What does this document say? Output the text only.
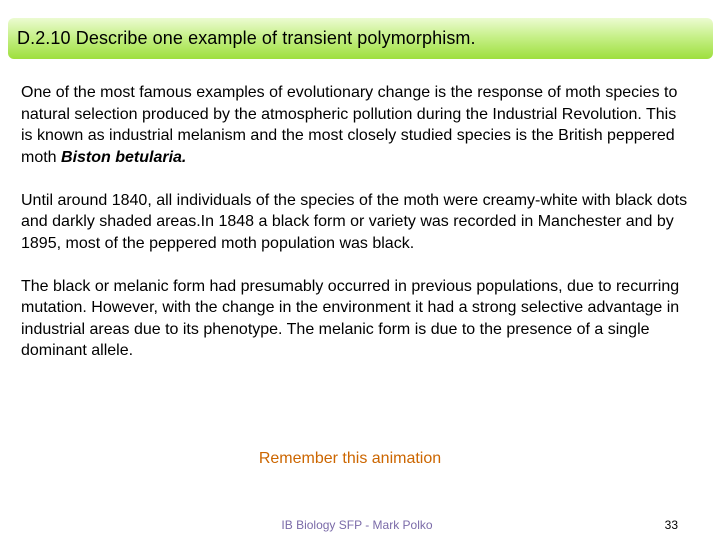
D.2.10 Describe one example of transient polymorphism.

One of the most famous examples of evolutionary change is the response of moth species to natural selection produced by the atmospheric pollution during the Industrial Revolution. This is known as industrial melanism and the most closely studied species is the British peppered moth Biston betularia.

Until around 1840, all individuals of the species of the moth were creamy-white with black dots and darkly shaded areas.In 1848 a black form or variety was recorded in Manchester and by 1895, most of the peppered moth population was black.

The black or melanic form had presumably occurred in previous populations, due to recurring mutation. However, with the change in the environment it had a strong selective advantage in industrial areas due to its phenotype. The melanic form is due to the presence of a single dominant allele.

Remember this animation
IB Biology SFP - Mark Polko	33
